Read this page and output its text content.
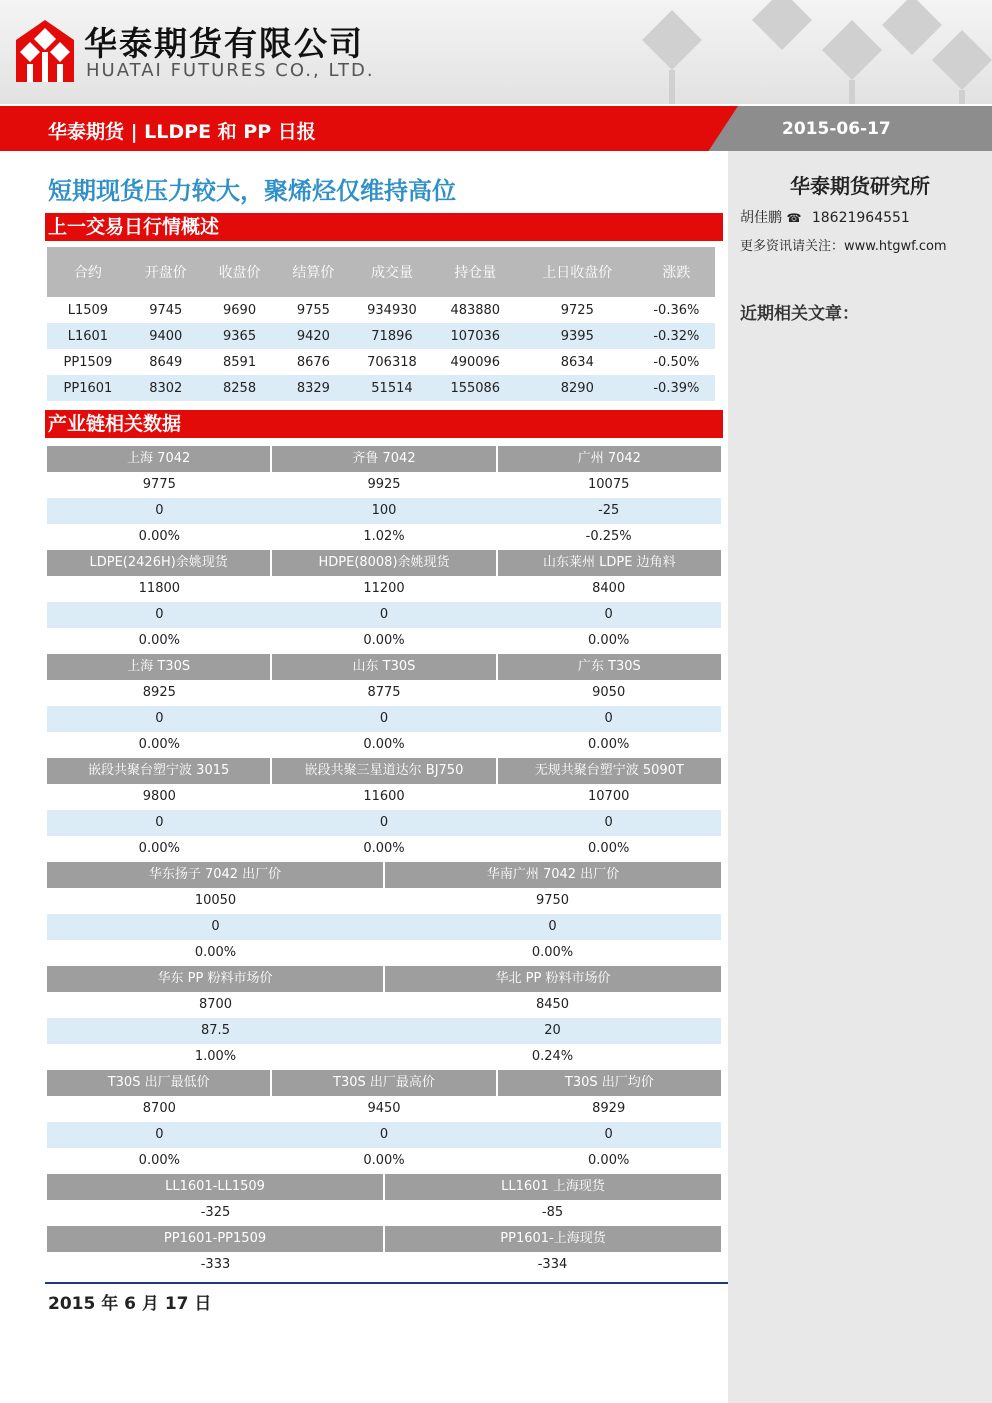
华泰期货有限公司
HUATAI FUTURES CO., LTD.
华泰期货 | LLDPE 和 PP 日报	2015-06-17
华泰期货研究所
胡佳鹏 ☎ 18621964551
更多资讯请关注：www.htgwf.com
近期相关文章：
短期现货压力较大，聚烯烃仅维持高位
上一交易日行情概述
合约	开盘价	收盘价	结算价	成交量	持仓量	上日收盘价	涨跌
L1509	9745	9690	9755	934930	483880	9725	-0.36%
L1601	9400	9365	9420	71896	107036	9395	-0.32%
PP1509	8649	8591	8676	706318	490096	8634	-0.50%
PP1601	8302	8258	8329	51514	155086	8290	-0.39%
产业链相关数据
上海 7042	齐鲁 7042	广州 7042
9775	9925	10075
0	100	-25
0.00%	1.02%	-0.25%
LDPE(2426H)余姚现货	HDPE(8008)余姚现货	山东莱州 LDPE 边角料
11800	11200	8400
0	0	0
0.00%	0.00%	0.00%
上海 T30S	山东 T30S	广东 T30S
8925	8775	9050
0	0	0
0.00%	0.00%	0.00%
嵌段共聚台塑宁波 3015	嵌段共聚三星道达尔 BJ750	无规共聚台塑宁波 5090T
9800	11600	10700
0	0	0
0.00%	0.00%	0.00%
华东扬子 7042 出厂价	华南广州 7042 出厂价
10050	9750
0	0
0.00%	0.00%
华东 PP 粉料市场价	华北 PP 粉料市场价
8700	8450
87.5	20
1.00%	0.24%
T30S 出厂最低价	T30S 出厂最高价	T30S 出厂均价
8700	9450	8929
0	0	0
0.00%	0.00%	0.00%
LL1601-LL1509	LL1601 上海现货
-325	-85
PP1601-PP1509	PP1601-上海现货
-333	-334
2015 年 6 月 17 日
